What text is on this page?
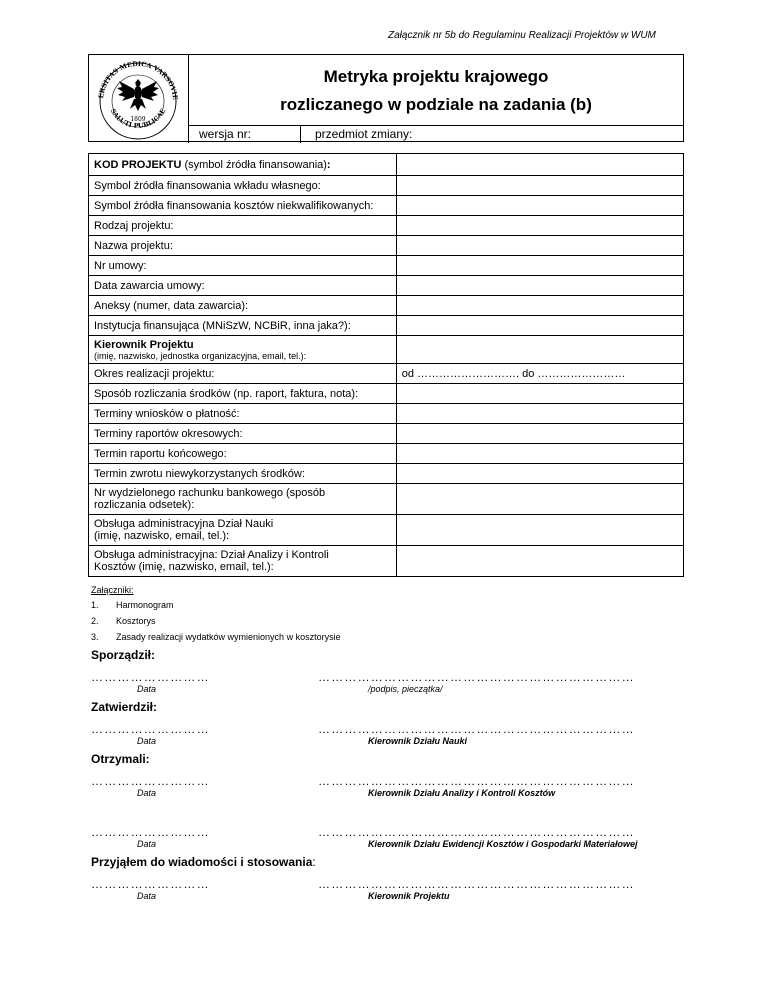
Załącznik nr 5b do Regulaminu Realizacji Projektów w WUM
ERSITAS MEDICA VARSOVIE
SALUTI PUBLICAE
1809
Metryka projektu krajowego
rozliczanego w podziale na zadania (b)
wersja nr:	przedmiot zmiany:
KOD PROJEKTU (symbol źródła finansowania):	
Symbol źródła finansowania wkładu własnego:	
Symbol źródła finansowania kosztów niekwalifikowanych:	
Rodzaj projektu:	
Nazwa projektu:	
Nr umowy:	
Data zawarcia umowy:	
Aneksy (numer, data zawarcia):	
Instytucja finansująca (MNiSzW, NCBiR, inna jaka?):	
Kierownik Projektu
(imię, nazwisko, jednostka organizacyjna, email, tel.):	

Okres realizacji projektu:	od ………………………. do ……………………
Sposób rozliczania środków (np. raport, faktura, nota):	
Terminy wniosków o płatność:	
Terminy raportów okresowych:	
Termin raportu końcowego:	
Termin zwrotu niewykorzystanych środków:	
Nr wydzielonego rachunku bankowego (sposób
rozliczania odsetek):	

Obsługa administracyjna Dział Nauki
(imię, nazwisko, email, tel.):	

Obsługa administracyjna: Dział Analizy i Kontroli
Kosztów (imię, nazwisko, email, tel.):	

Załączniki:
1. Harmonogram
2. Kosztorys
3. Zasady realizacji wydatków wymienionych w kosztorysie
Sporządził:
………………………	………………………………………………………………
Data	/podpis, pieczątka/
Zatwierdził:
………………………	………………………………………………………………
Data	Kierownik Działu Nauki
Otrzymali:
………………………	………………………………………………………………
Data	Kierownik Działu Analizy i Kontroli Kosztów
………………………	………………………………………………………………
Data	Kierownik Działu Ewidencji Kosztów i Gospodarki Materiałowej
Przyjąłem do wiadomości i stosowania:
………………………	………………………………………………………………
Data	Kierownik Projektu
